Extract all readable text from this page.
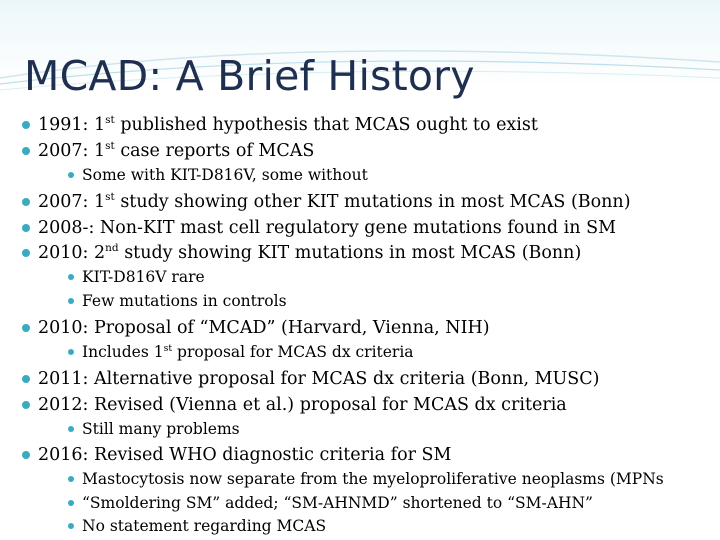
MCAD: A Brief History
1991: 1st published hypothesis that MCAS ought to exist
2007: 1st case reports of MCAS
Some with KIT-D816V, some without
2007: 1st study showing other KIT mutations in most MCAS (Bonn)
2008-: Non-KIT mast cell regulatory gene mutations found in SM
2010: 2nd study showing KIT mutations in most MCAS (Bonn)
KIT-D816V rare
Few mutations in controls
2010: Proposal of “MCAD” (Harvard, Vienna, NIH)
Includes 1st proposal for MCAS dx criteria
2011: Alternative proposal for MCAS dx criteria (Bonn, MUSC)
2012: Revised (Vienna et al.) proposal for MCAS dx criteria
Still many problems
2016: Revised WHO diagnostic criteria for SM
Mastocytosis now separate from the myeloproliferative neoplasms (MPNs
“Smoldering SM” added; “SM-AHNMD” shortened to “SM-AHN”
No statement regarding MCAS
